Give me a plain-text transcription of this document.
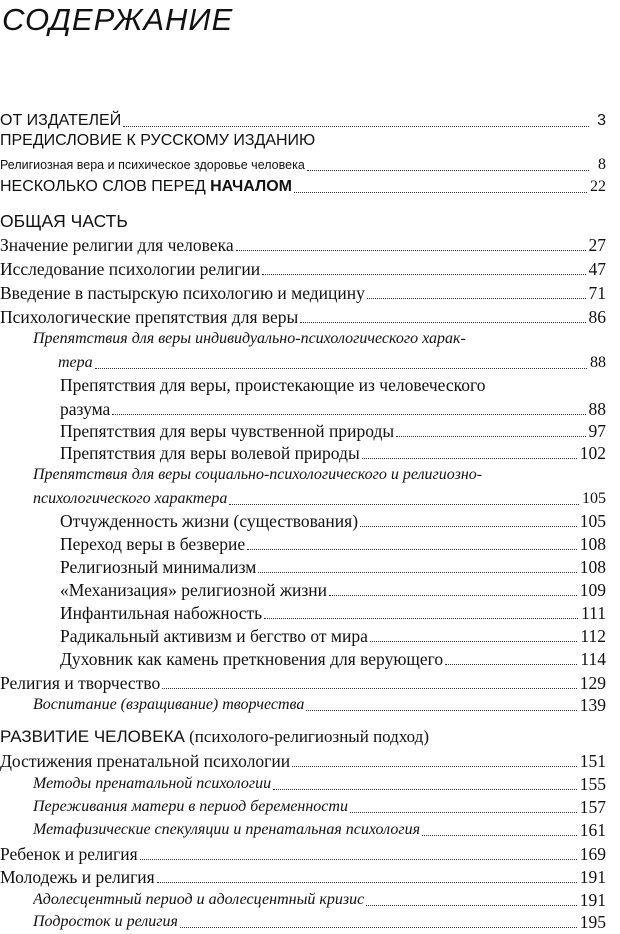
СОДЕРЖАНИЕ
ОТ ИЗДАТЕЛЕЙ	3
ПРЕДИСЛОВИЕ К РУССКОМУ ИЗДАНИЮ
Религиозная вера и психическое здоровье человека	8
НЕСКОЛЬКО СЛОВ ПЕРЕД НАЧАЛОМ	22
ОБЩАЯ ЧАСТЬ
Значение религии для человека	27
Исследование психологии религии	47
Введение в пастырскую психологию и медицину	71
Психологические препятствия для веры	86
Препятствия для веры индивидуально-психологического харак-
тера	88
Препятствия для веры, проистекающие из человеческого
разума	88
Препятствия для веры чувственной природы	97
Препятствия для веры волевой природы	102
Препятствия для веры социально-психологического и религиозно-
психологического характера	105
Отчужденность жизни (существования)	105
Переход веры в безверие	108
Религиозный минимализм	108
«Механизация» религиозной жизни	109
Инфантильная набожность	111
Радикальный активизм и бегство от мира	112
Духовник как камень преткновения для верующего	114
Религия и творчество	129
Воспитание (взращивание) творчества	139
РАЗВИТИЕ ЧЕЛОВЕКА (психолого-религиозный подход)
Достижения пренатальной психологии	151
Методы пренатальной психологии	155
Переживания матери в период беременности	157
Метафизические спекуляции и пренатальная психология	161
Ребенок и религия	169
Молодежь и религия	191
Адолесцентный период и адолесцентный кризис	191
Подросток и религия	195
